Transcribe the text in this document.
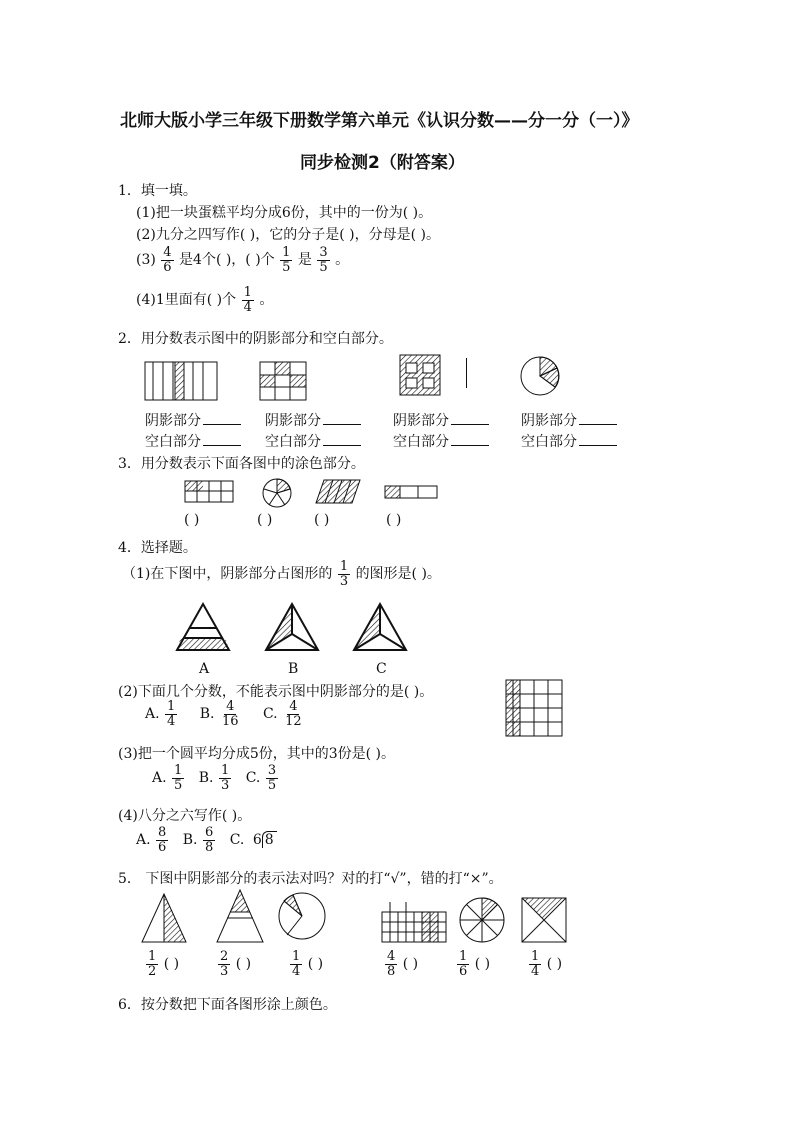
北师大版小学三年级下册数学第六单元《认识分数——分一分（一）》
同步检测2（附答案）
1．填一填。
(1)把一块蛋糕平均分成6份，其中的一份为( )。
(2)九分之四写作( )，它的分子是( )，分母是( )。
$(3) \frac{4}{6}$ 是4个( )，( )个 $\frac{1}{5}$ 是 $\frac{3}{5}$ 。
(4)1里面有( )个 $\frac{1}{4}$ 。
2．用分数表示图中的阴影部分和空白部分。
阴影部分
空白部分
阴影部分
空白部分
阴影部分
空白部分
阴影部分
空白部分
3．用分数表示下面各图中的涂色部分。
( )	( )	( )	( )
4．选择题。
（1)在下图中，阴影部分占图形的 $\frac{1}{3}$ 的图形是( )。
A	B	C
(2)下面几个分数，不能表示图中阴影部分的是( )。
A. $\frac{1}{4} B$. $\frac{4}{16} C$. $\frac{4}{12}$
(3)把一个圆平均分成5份，其中的3份是( )。
A. $\frac{1}{5} B$. $\frac{1}{3} C$. $\frac{3}{5}$
(4)八分之六写作( )。
A. $\frac{8}{6} B$. $\frac{6}{8} C$. 6 8
5． 下图中阴影部分的表示法对吗？对的打“√”，错的打“×”。
$\frac{1}{2}$ ( )	$\frac{2}{3}$ ( )	$\frac{1}{4}$ ( )	$\frac{4}{8}$ ( )	$\frac{1}{6}$ ( )	$\frac{1}{4}$ ( )
6．按分数把下面各图形涂上颜色。
